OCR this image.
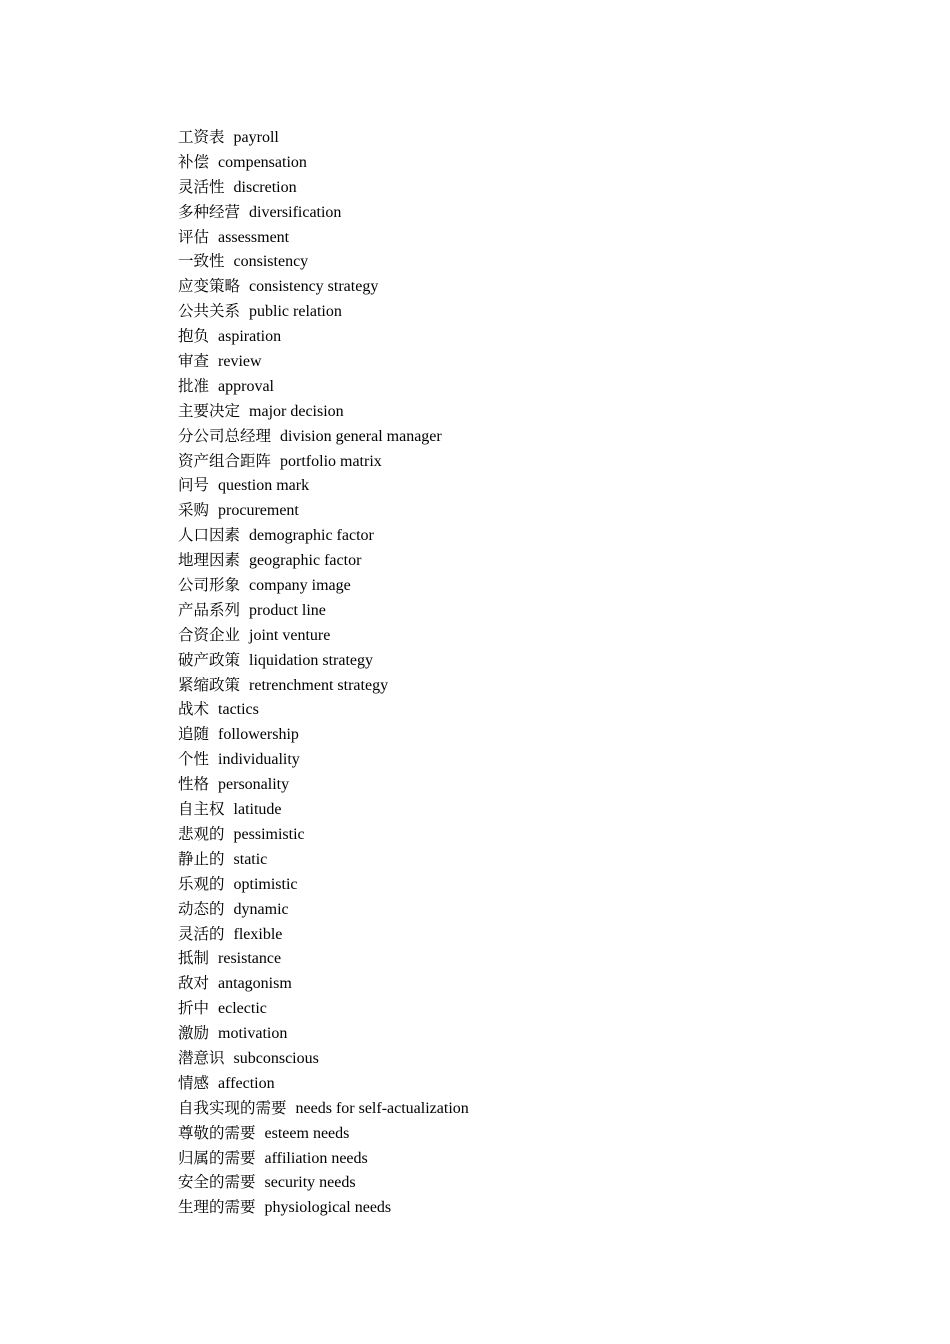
工资表 payroll
补偿 compensation
灵活性 discretion
多种经营 diversification
评估 assessment
一致性 consistency
应变策略 consistency strategy
公共关系 public relation
抱负 aspiration
审查 review
批准 approval
主要决定 major decision
分公司总经理 division general manager
资产组合距阵 portfolio matrix
问号 question mark
采购 procurement
人口因素 demographic factor
地理因素 geographic factor
公司形象 company image
产品系列 product line
合资企业 joint venture
破产政策 liquidation strategy
紧缩政策 retrenchment strategy
战术 tactics
追随 followership
个性 individuality
性格 personality
自主权 latitude
悲观的 pessimistic
静止的 static
乐观的 optimistic
动态的 dynamic
灵活的 flexible
抵制 resistance
敌对 antagonism
折中 eclectic
激励 motivation
潜意识 subconscious
情感 affection
自我实现的需要 needs for self-actualization
尊敬的需要 esteem needs
归属的需要 affiliation needs
安全的需要 security needs
生理的需要 physiological needs
